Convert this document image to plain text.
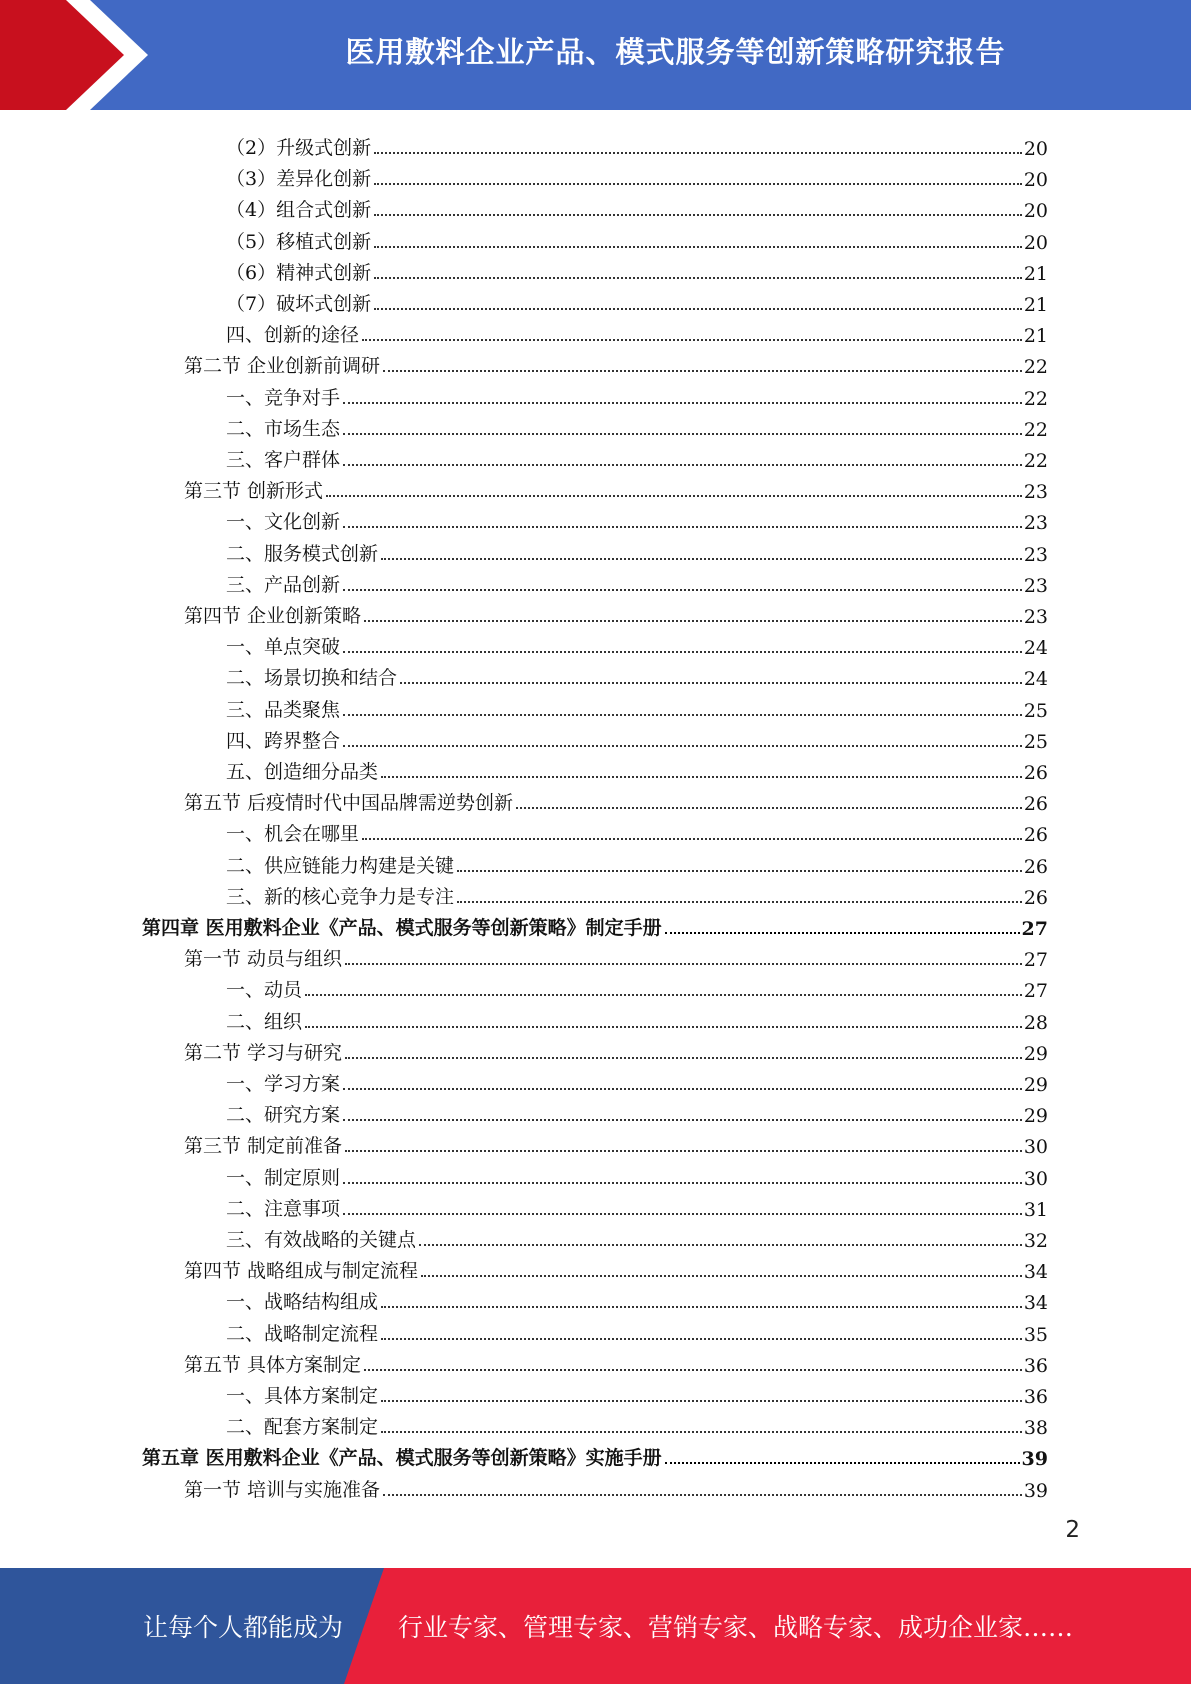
医用敷料企业产品、模式服务等创新策略研究报告
（2）升级式创新	20
（3）差异化创新	20
（4）组合式创新	20
（5）移植式创新	20
（6）精神式创新	21
（7）破坏式创新	21
四、创新的途径	21
第二节 企业创新前调研	22
一、竞争对手	22
二、市场生态	22
三、客户群体	22
第三节 创新形式	23
一、文化创新	23
二、服务模式创新	23
三、产品创新	23
第四节 企业创新策略	23
一、单点突破	24
二、场景切换和结合	24
三、品类聚焦	25
四、跨界整合	25
五、创造细分品类	26
第五节 后疫情时代中国品牌需逆势创新	26
一、机会在哪里	26
二、供应链能力构建是关键	26
三、新的核心竞争力是专注	26
第四章 医用敷料企业《产品、模式服务等创新策略》制定手册	27
第一节 动员与组织	27
一、动员	27
二、组织	28
第二节 学习与研究	29
一、学习方案	29
二、研究方案	29
第三节 制定前准备	30
一、制定原则	30
二、注意事项	31
三、有效战略的关键点	32
第四节 战略组成与制定流程	34
一、战略结构组成	34
二、战略制定流程	35
第五节 具体方案制定	36
一、具体方案制定	36
二、配套方案制定	38
第五章 医用敷料企业《产品、模式服务等创新策略》实施手册	39
第一节 培训与实施准备	39
2
让每个人都能成为 行业专家、管理专家、营销专家、战略专家、成功企业家……
